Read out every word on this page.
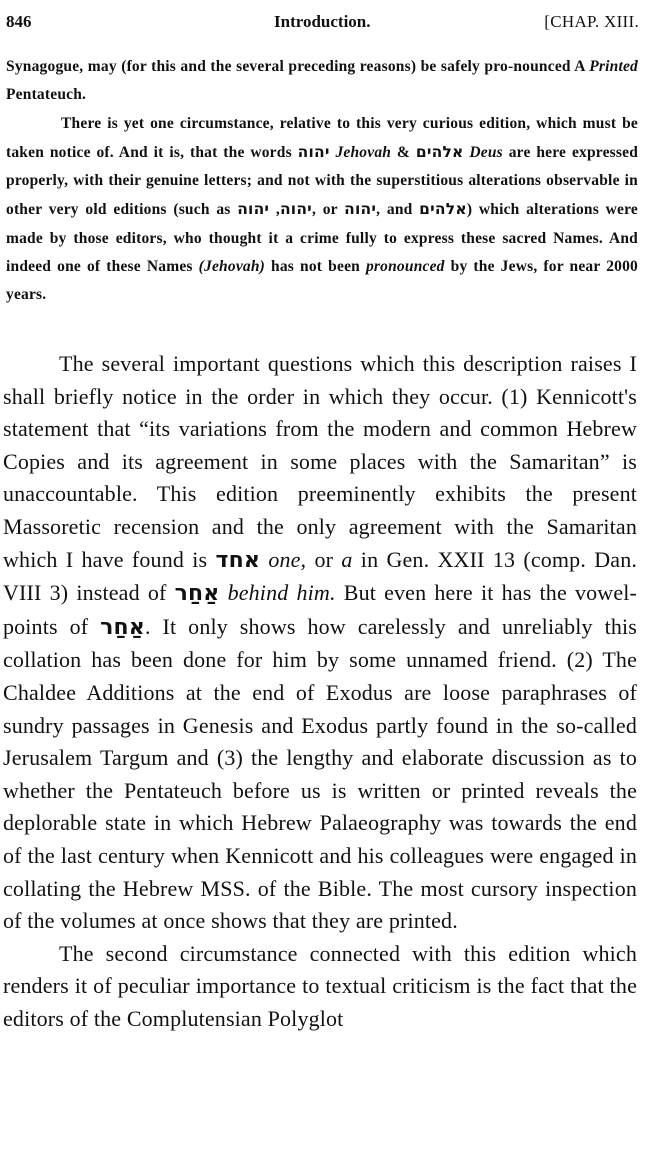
846	Introduction.	[CHAP. XIII.

Synagogue, may (for this and the several preceding reasons) be safely pro-nounced A Printed Pentateuch.

There is yet one circumstance, relative to this very curious edition, which must be taken notice of. And it is, that the words יהוה Jehovah & אלהים Deus are here expressed properly, with their genuine letters; and not with the superstitious alterations observable in other very old editions (such as	יהוה, יהוה	, or יהוה, and אלהים) which alterations were made by those editors, who thought it a crime fully to express these sacred Names. And indeed one of these Names (Jehovah) has not been pronounced by the Jews, for near 2000 years.

The several important questions which this description raises I shall briefly notice in the order in which they occur. (1) Kennicott's statement that “its variations from the modern and common Hebrew Copies and its agreement in some places with the Samaritan” is unaccountable. This edition preeminently exhibits the present Massoretic recension and the only agreement with the Samaritan which I have found is אחד one, or a in Gen. XXII 13 (comp. Dan. VIII 3) instead of אַחַר behind him. But even here it has the vowel-points of אַחַר. It only shows how carelessly and unreliably this collation has been done for him by some unnamed friend. (2) The Chaldee Additions at the end of Exodus are loose paraphrases of sundry passages in Genesis and Exodus partly found in the so-called Jerusalem Targum and (3) the lengthy and elaborate discussion as to whether the Pentateuch before us is written or printed reveals the deplorable state in which Hebrew Palaeography was towards the end of the last century when Kennicott and his colleagues were engaged in collating the Hebrew MSS. of the Bible. The most cursory inspection of the volumes at once shows that they are printed.

The second circumstance connected with this edition which renders it of peculiar importance to textual criticism is the fact that the editors of the Complutensian Polyglot
